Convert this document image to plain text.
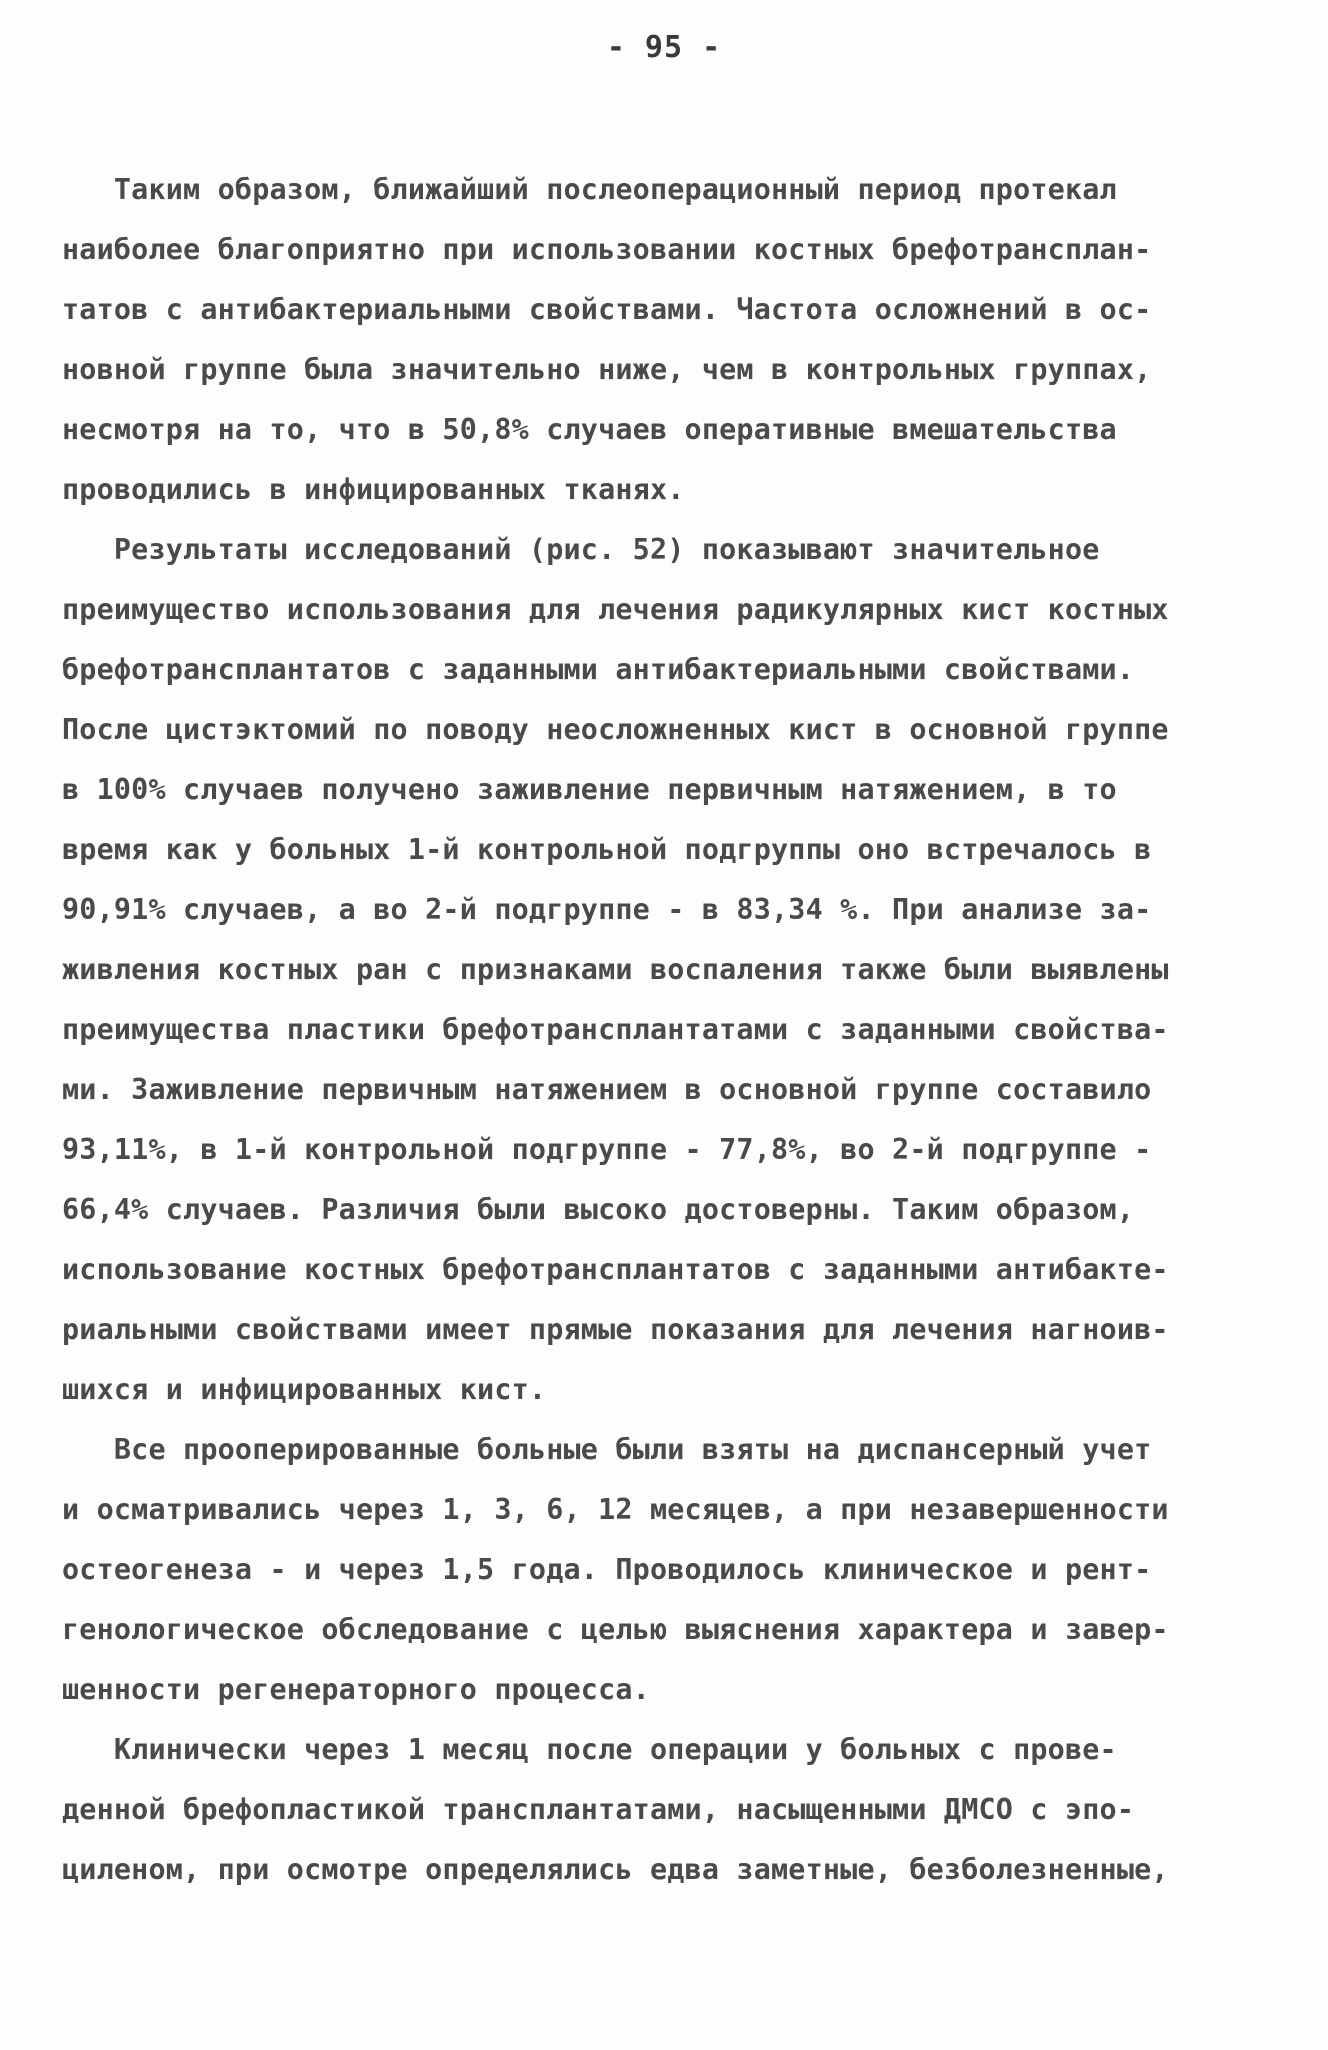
- 95 -
Таким образом, ближайший послеоперационный период протекал
наиболее благоприятно при использовании костных брефотрансплан-
татов с антибактериальными свойствами. Частота осложнений в ос-
новной группе была значительно ниже, чем в контрольных группах,
несмотря на то, что в 50,8% случаев оперативные вмешательства
проводились в инфицированных тканях.
Результаты исследований (рис. 52) показывают значительное
преимущество использования для лечения радикулярных кист костных
брефотрансплантатов с заданными антибактериальными свойствами.
После цистэктомий по поводу неосложненных кист в основной группе
в 100% случаев получено заживление первичным натяжением, в то
время как у больных 1-й контрольной подгруппы оно встречалось в
90,91% случаев, а во 2-й подгруппе - в 83,34 %. При анализе за-
живления костных ран с признаками воспаления также были выявлены
преимущества пластики брефотрансплантатами с заданными свойства-
ми. Заживление первичным натяжением в основной группе составило
93,11%, в 1-й контрольной подгруппе - 77,8%, во 2-й подгруппе -
66,4% случаев. Различия были высоко достоверны. Таким образом,
использование костных брефотрансплантатов с заданными антибакте-
риальными свойствами имеет прямые показания для лечения нагноив-
шихся и инфицированных кист.
Все прооперированные больные были взяты на диспансерный учет
и осматривались через 1, 3, 6, 12 месяцев, а при незавершенности
остеогенеза - и через 1,5 года. Проводилось клиническое и рент-
генологическое обследование с целью выяснения характера и завер-
шенности регенераторного процесса.
Клинически через 1 месяц после операции у больных с прове-
денной брефопластикой трансплантатами, насыщенными ДМСО с эпо-
циленом, при осмотре определялись едва заметные, безболезненные,
